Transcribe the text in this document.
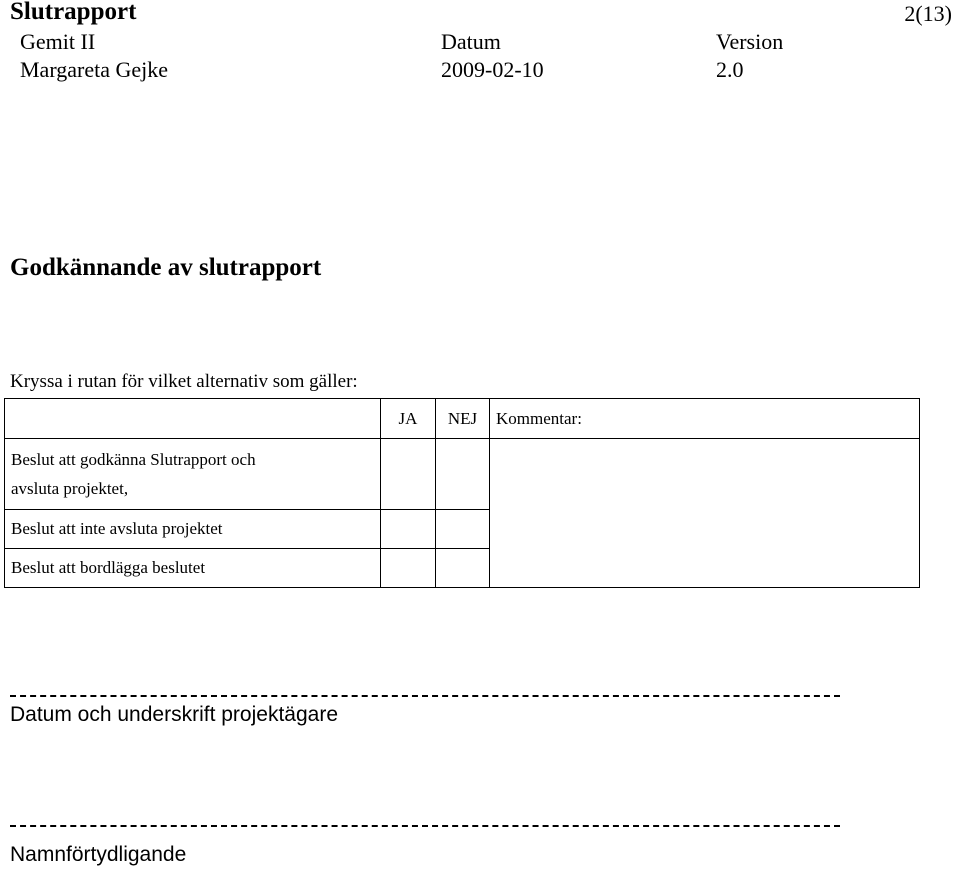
Slutrapport	2(13)
Gemit II	Datum	Version
Margareta Gejke	2009-02-10	2.0
Godkännande av slutrapport
Kryssa i rutan för vilket alternativ som gäller:
	JA	NEJ	Kommentar:

Beslut att godkänna Slutrapport och
avsluta projektet,			

Beslut att inte avsluta projektet			
Beslut att bordlägga beslutet			
Datum och underskrift projektägare
Namnförtydligande
